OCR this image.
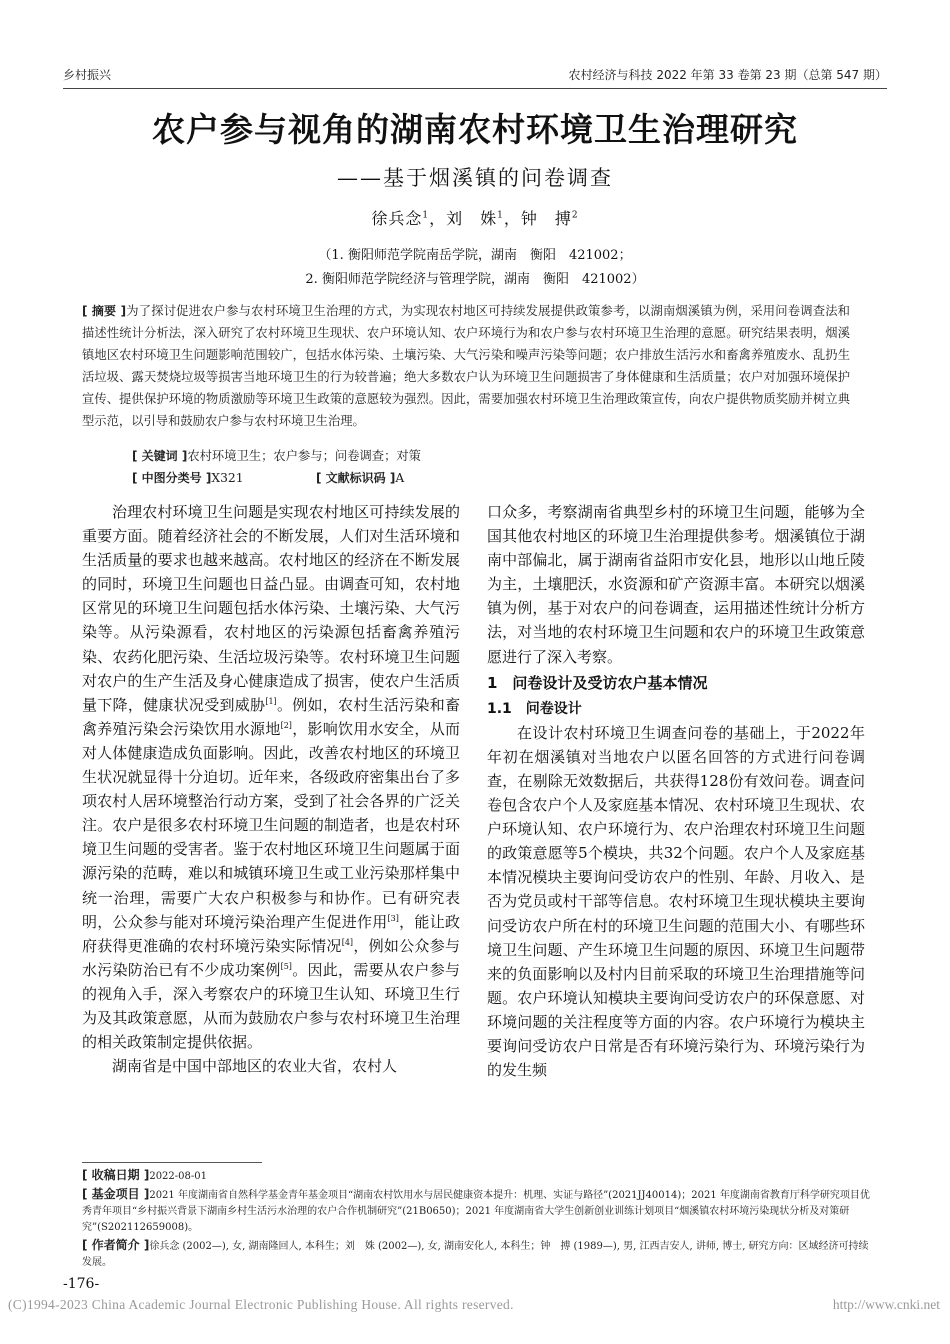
乡村振兴	农村经济与科技 2022 年第 33 卷第 23 期（总第 547 期）
农户参与视角的湖南农村环境卫生治理研究
——基于烟溪镇的问卷调查
徐兵念$^1$，刘　姝$^1$，钟　搏$^2$
（1. 衡阳师范学院南岳学院，湖南　衡阳　421002；
2. 衡阳师范学院经济与管理学院，湖南　衡阳　421002）
[ 摘要 ]为了探讨促进农户参与农村环境卫生治理的方式，为实现农村地区可持续发展提供政策参考，以湖南烟溪镇为例，采用问卷调查法和描述性统计分析法，深入研究了农村环境卫生现状、农户环境认知、农户环境行为和农户参与农村环境卫生治理的意愿。研究结果表明，烟溪镇地区农村环境卫生问题影响范围较广，包括水体污染、土壤污染、大气污染和噪声污染等问题；农户排放生活污水和畜禽养殖废水、乱扔生活垃圾、露天焚烧垃圾等损害当地环境卫生的行为较普遍；绝大多数农户认为环境卫生问题损害了身体健康和生活质量；农户对加强环境保护宣传、提供保护环境的物质激励等环境卫生政策的意愿较为强烈。因此，需要加强农村环境卫生治理政策宣传，向农户提供物质奖励并树立典型示范，以引导和鼓励农户参与农村环境卫生治理。
[ 关键词 ]农村环境卫生；农户参与；问卷调查；对策
[ 中图分类号 ]X321	[ 文献标识码 ]A

治理农村环境卫生问题是实现农村地区可持续发展的重要方面。随着经济社会的不断发展，人们对生活环境和生活质量的要求也越来越高。农村地区的经济在不断发展的同时，环境卫生问题也日益凸显。由调查可知，农村地区常见的环境卫生问题包括水体污染、土壤污染、大气污染等。从污染源看，农村地区的污染源包括畜禽养殖污染、农药化肥污染、生活垃圾污染等。农村环境卫生问题对农户的生产生活及身心健康造成了损害，使农户生活质量下降，健康状况受到威胁[1]。例如，农村生活污染和畜禽养殖污染会污染饮用水源地[2]，影响饮用水安全，从而对人体健康造成负面影响。因此，改善农村地区的环境卫生状况就显得十分迫切。近年来，各级政府密集出台了多项农村人居环境整治行动方案，受到了社会各界的广泛关注。农户是很多农村环境卫生问题的制造者，也是农村环境卫生问题的受害者。鉴于农村地区环境卫生问题属于面源污染的范畴，难以和城镇环境卫生或工业污染那样集中统一治理，需要广大农户积极参与和协作。已有研究表明，公众参与能对环境污染治理产生促进作用[3]，能让政府获得更准确的农村环境污染实际情况[4]，例如公众参与水污染防治已有不少成功案例[5]。因此，需要从农户参与的视角入手，深入考察农户的环境卫生认知、环境卫生行为及其政策意愿，从而为鼓励农户参与农村环境卫生治理的相关政策制定提供依据。

湖南省是中国中部地区的农业大省，农村人

口众多，考察湖南省典型乡村的环境卫生问题，能够为全国其他农村地区的环境卫生治理提供参考。烟溪镇位于湖南中部偏北，属于湖南省益阳市安化县，地形以山地丘陵为主，土壤肥沃，水资源和矿产资源丰富。本研究以烟溪镇为例，基于对农户的问卷调查，运用描述性统计分析方法，对当地的农村环境卫生问题和农户的环境卫生政策意愿进行了深入考察。

1　问卷设计及受访农户基本情况
1.1　问卷设计

在设计农村环境卫生调查问卷的基础上，于2022年年初在烟溪镇对当地农户以匿名回答的方式进行问卷调查，在剔除无效数据后，共获得128份有效问卷。调查问卷包含农户个人及家庭基本情况、农村环境卫生现状、农户环境认知、农户环境行为、农户治理农村环境卫生问题的政策意愿等5个模块，共32个问题。农户个人及家庭基本情况模块主要询问受访农户的性别、年龄、月收入、是否为党员或村干部等信息。农村环境卫生现状模块主要询问受访农户所在村的环境卫生问题的范围大小、有哪些环境卫生问题、产生环境卫生问题的原因、环境卫生问题带来的负面影响以及村内目前采取的环境卫生治理措施等问题。农户环境认知模块主要询问受访农户的环保意愿、对环境问题的关注程度等方面的内容。农户环境行为模块主要询问受访农户日常是否有环境污染行为、环境污染行为的发生频

[ 收稿日期 ]2022-08-01
[ 基金项目 ]2021 年度湖南省自然科学基金青年基金项目“湖南农村饮用水与居民健康资本提升：机理、实证与路径”(2021JJ40014)；2021 年度湖南省教育厅科学研究项目优秀青年项目“乡村振兴背景下湖南乡村生活污水治理的农户合作机制研究”(21B0650)；2021 年度湖南省大学生创新创业训练计划项目“烟溪镇农村环境污染现状分析及对策研究”(S202112659008)。
[ 作者简介 ]徐兵念 (2002—), 女, 湖南隆回人, 本科生；刘　姝 (2002—), 女, 湖南安化人, 本科生；钟　搏 (1989—), 男, 江西吉安人, 讲师, 博士, 研究方向：区域经济可持续发展。
-176-
(C)1994-2023 China Academic Journal Electronic Publishing House. All rights reserved.	http://www.cnki.net
